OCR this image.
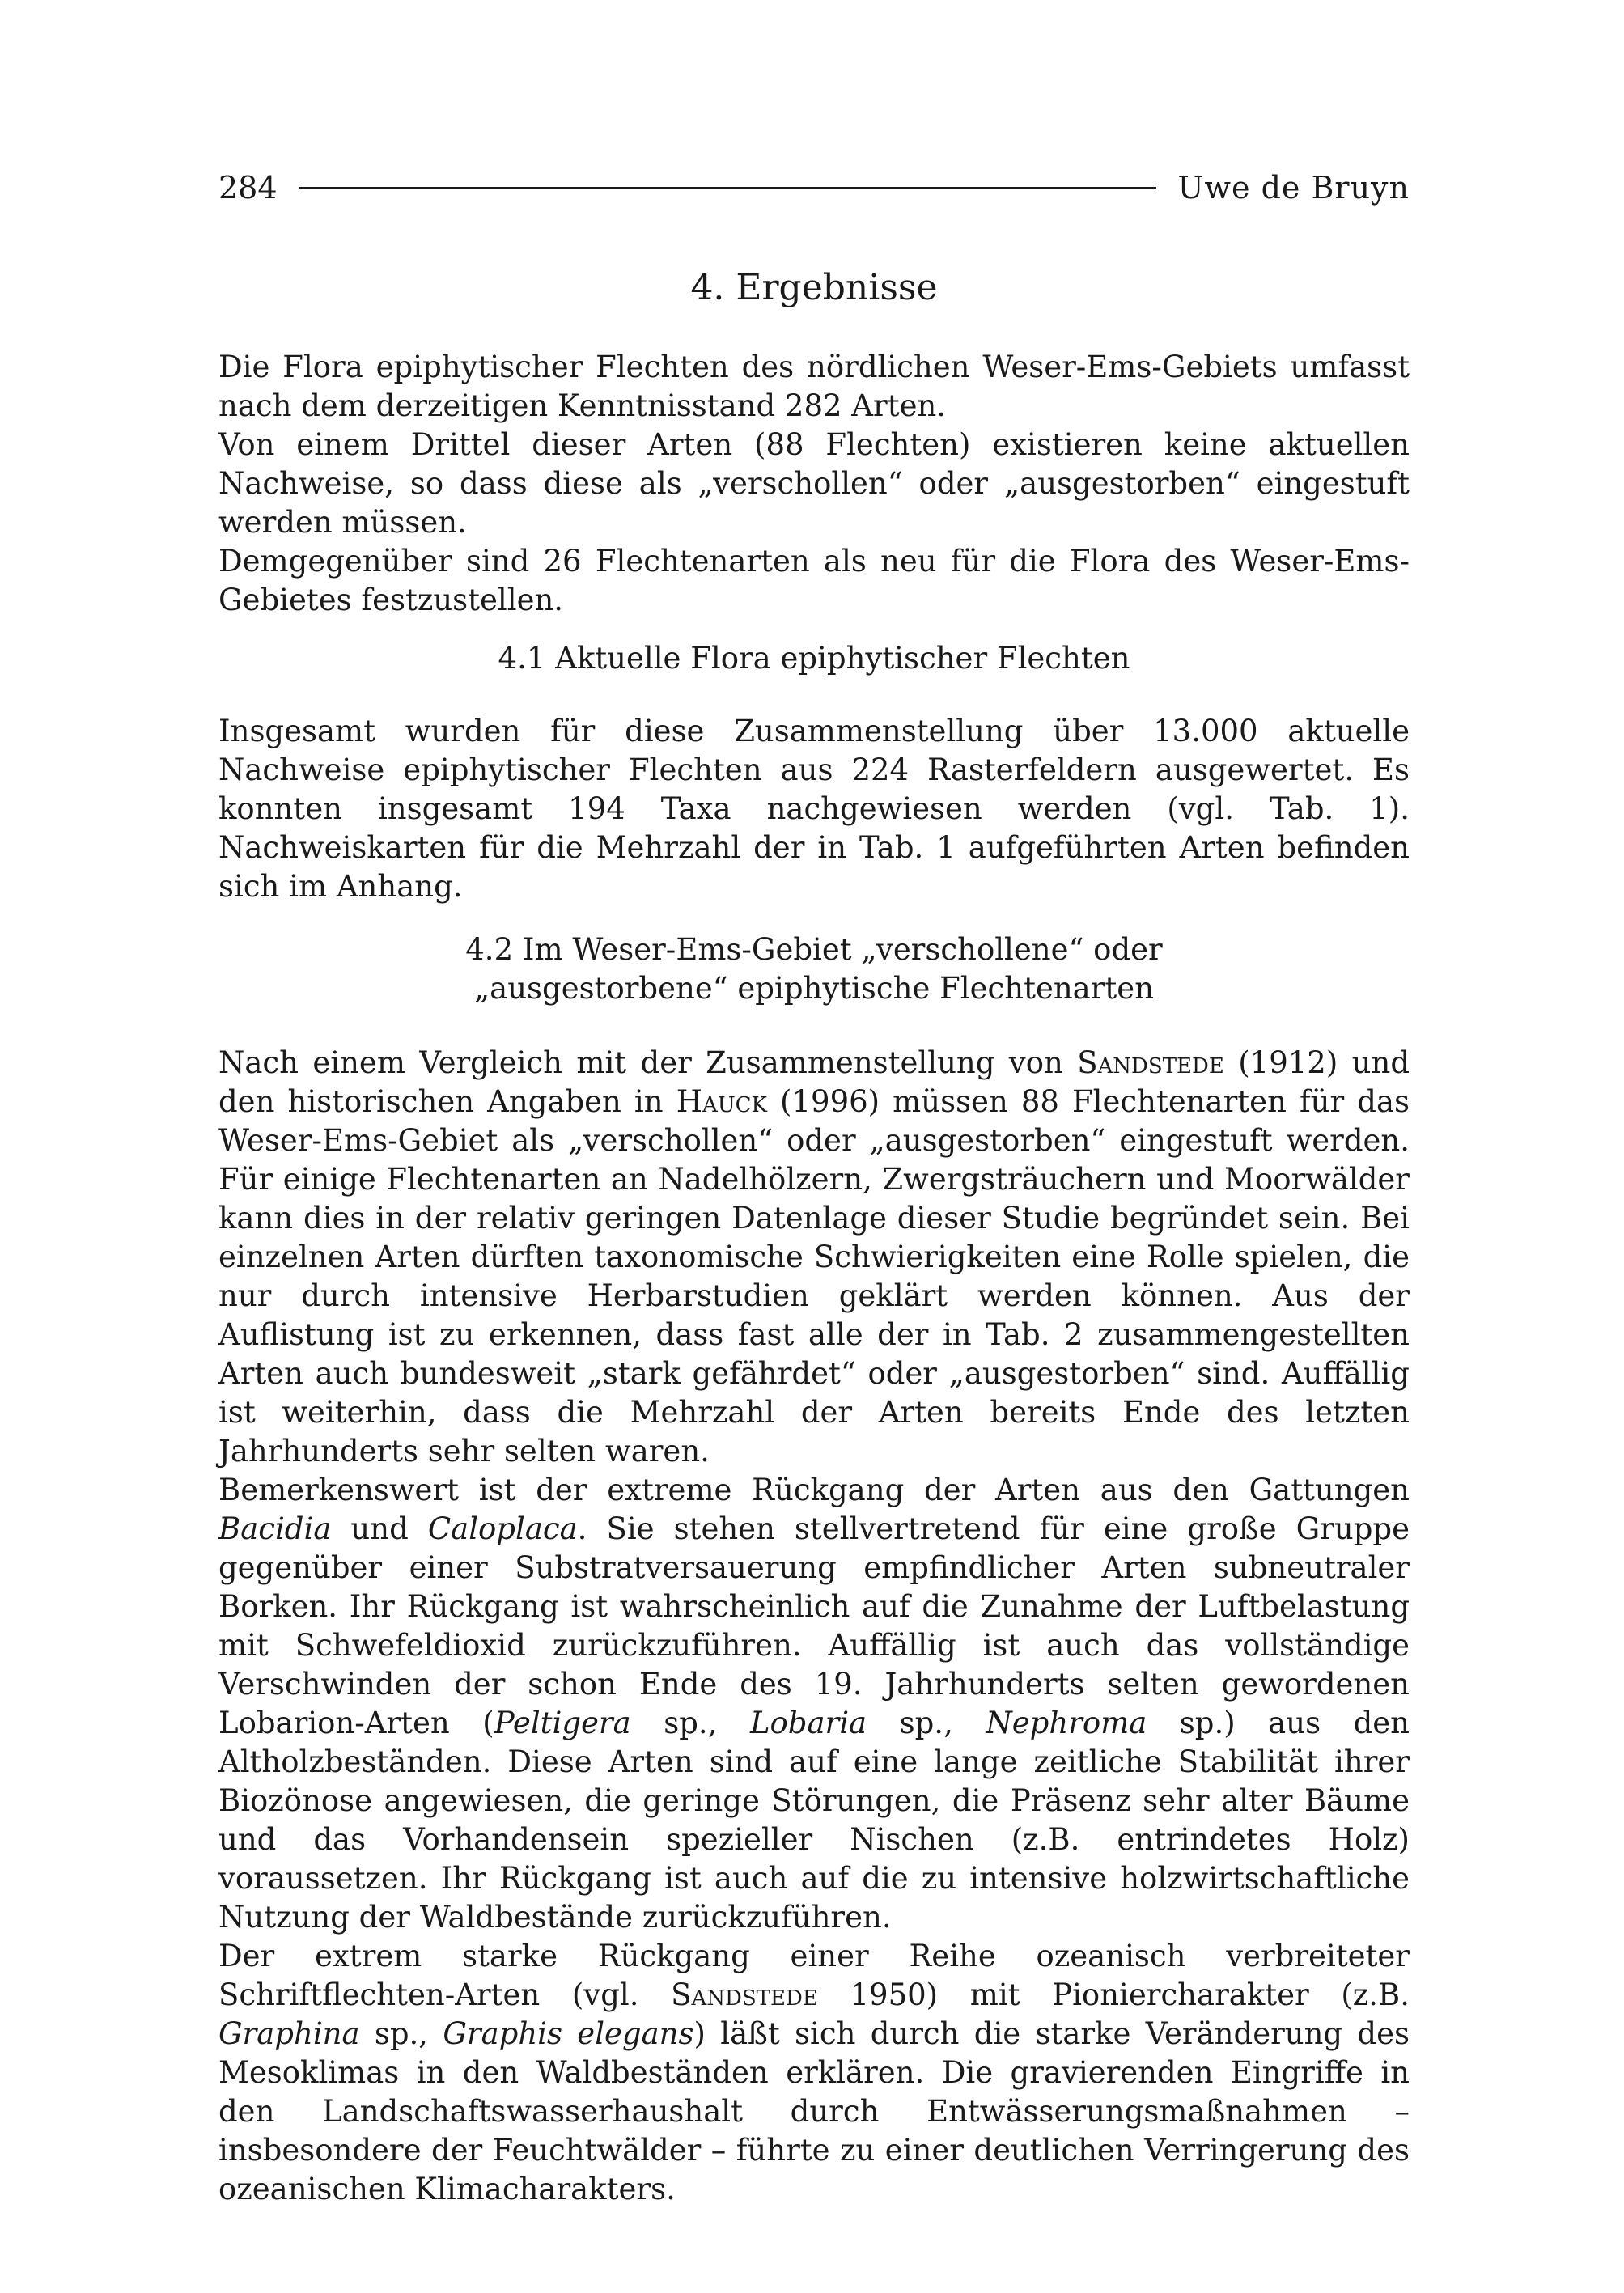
284	Uwe de Bruyn
4. Ergebnisse

Die Flora epiphytischer Flechten des nördlichen Weser-Ems-Gebiets umfasst nach dem derzeitigen Kenntnisstand 282 Arten.
Von einem Drittel dieser Arten (88 Flechten) existieren keine aktuellen Nachweise, so dass diese als „verschollen“ oder „ausgestorben“ eingestuft werden müssen.
Demgegenüber sind 26 Flechtenarten als neu für die Flora des Weser-Ems-Gebietes festzustellen.

4.1 Aktuelle Flora epiphytischer Flechten

Insgesamt wurden für diese Zusammenstellung über 13.000 aktuelle Nachweise epiphytischer Flechten aus 224 Rasterfeldern ausgewertet. Es konnten insgesamt 194 Taxa nachgewiesen werden (vgl. Tab. 1). Nachweiskarten für die Mehrzahl der in Tab. 1 aufgeführten Arten befinden sich im Anhang.

4.2 Im Weser-Ems-Gebiet „verschollene“ oder
„ausgestorbene“ epiphytische Flechtenarten

Nach einem Vergleich mit der Zusammenstellung von Sandstede (1912) und den historischen Angaben in Hauck (1996) müssen 88 Flechtenarten für das Weser-Ems-Gebiet als „verschollen“ oder „ausgestorben“ eingestuft werden. Für einige Flechtenarten an Nadelhölzern, Zwergsträuchern und Moorwälder kann dies in der relativ geringen Datenlage dieser Studie begründet sein. Bei einzelnen Arten dürften taxonomische Schwierigkeiten eine Rolle spielen, die nur durch intensive Herbarstudien geklärt werden können. Aus der Auflistung ist zu erkennen, dass fast alle der in Tab. 2 zusammengestellten Arten auch bundesweit „stark gefährdet“ oder „ausgestorben“ sind. Auffällig ist weiterhin, dass die Mehrzahl der Arten bereits Ende des letzten Jahrhunderts sehr selten waren.

Bemerkenswert ist der extreme Rückgang der Arten aus den Gattungen Bacidia und Caloplaca. Sie stehen stellvertretend für eine große Gruppe gegenüber einer Substratversauerung empfindlicher Arten subneutraler Borken. Ihr Rückgang ist wahrscheinlich auf die Zunahme der Luftbelastung mit Schwefeldioxid zurückzuführen. Auffällig ist auch das vollständige Verschwinden der schon Ende des 19. Jahrhunderts selten gewordenen Lobarion-Arten (Peltigera sp., Lobaria sp., Nephroma sp.) aus den Altholzbeständen. Diese Arten sind auf eine lange zeitliche Stabilität ihrer Biozönose angewiesen, die geringe Störungen, die Präsenz sehr alter Bäume und das Vorhandensein spezieller Nischen (z.B. entrindetes Holz) voraussetzen. Ihr Rückgang ist auch auf die zu intensive holzwirtschaftliche Nutzung der Waldbestände zurückzuführen.

Der extrem starke Rückgang einer Reihe ozeanisch verbreiteter Schriftflechten-Arten (vgl. Sandstede 1950) mit Pioniercharakter (z.B. Graphina sp., Graphis elegans) läßt sich durch die starke Veränderung des Mesoklimas in den Waldbeständen erklären. Die gravierenden Eingriffe in den Landschaftswasserhaushalt durch Entwässerungsmaßnahmen – insbesondere der Feuchtwälder – führte zu einer deutlichen Verringerung des ozeanischen Klimacharakters.
